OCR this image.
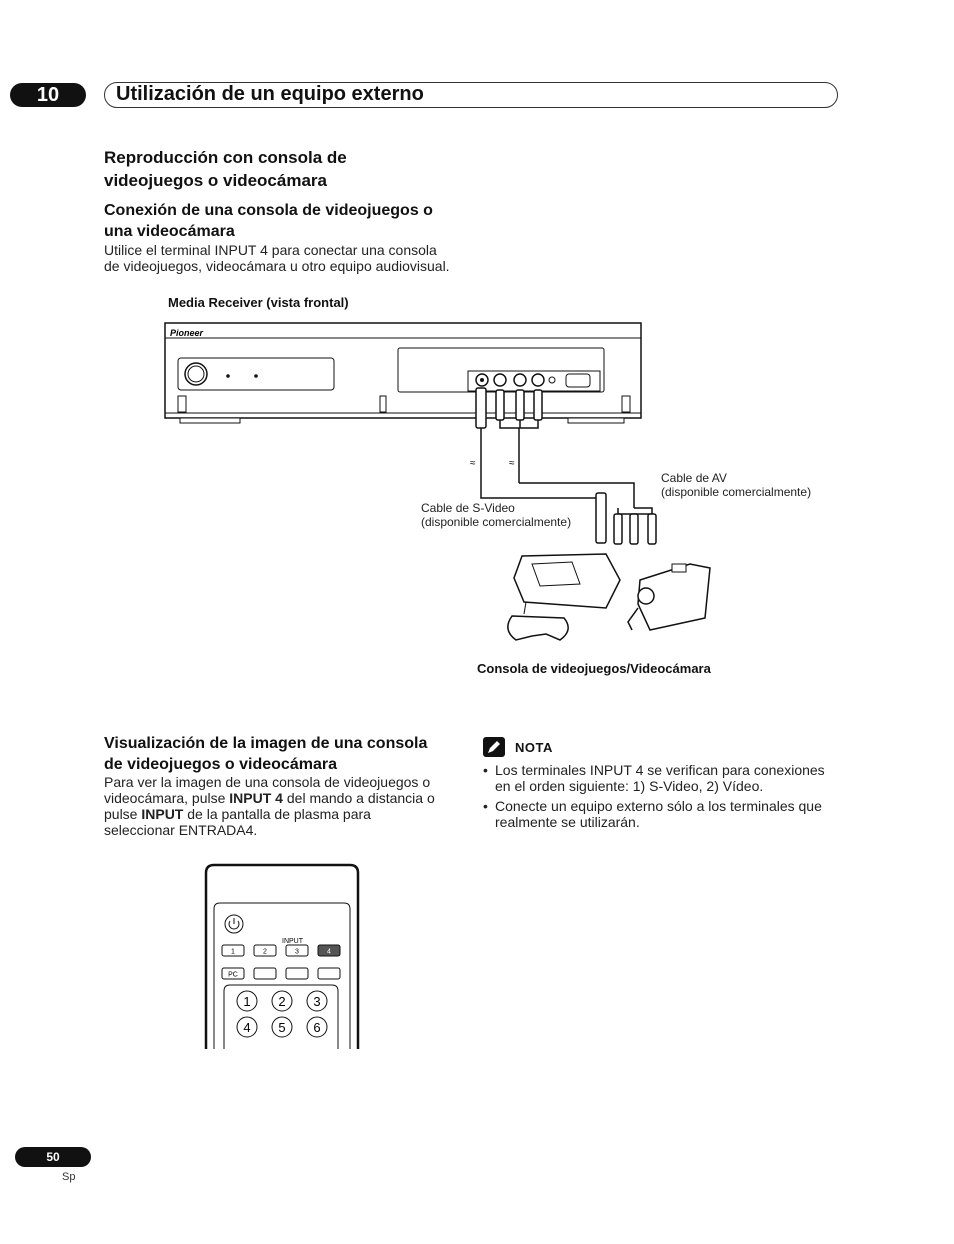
10	Utilización de un equipo externo
Reproducción con consola de
videojuegos o videocámara
Conexión de una consola de videojuegos o
una videocámara
Utilice el terminal INPUT 4 para conectar una consola
de videojuegos, videocámara u otro equipo audiovisual.
Media Receiver (vista frontal)
Cable de AV
(disponible comercialmente)
Cable de S-Video
(disponible comercialmente)
Consola de videojuegos/Videocámara
Pioneer
≈	≈
Visualización de la imagen de una consola
de videojuegos o videocámara
Para ver la imagen de una consola de videojuegos o
videocámara, pulse INPUT 4 del mando a distancia o
pulse INPUT de la pantalla de plasma para
seleccionar ENTRADA4.
NOTA
• Los terminales INPUT 4 se verifican para conexiones en el orden siguiente: 1) S-Video, 2) Vídeo.
• Conecte un equipo externo sólo a los terminales que realmente se utilizarán.
INPUT
1	2	3	4
PC
1 2 3
4 5 6
50
Sp
